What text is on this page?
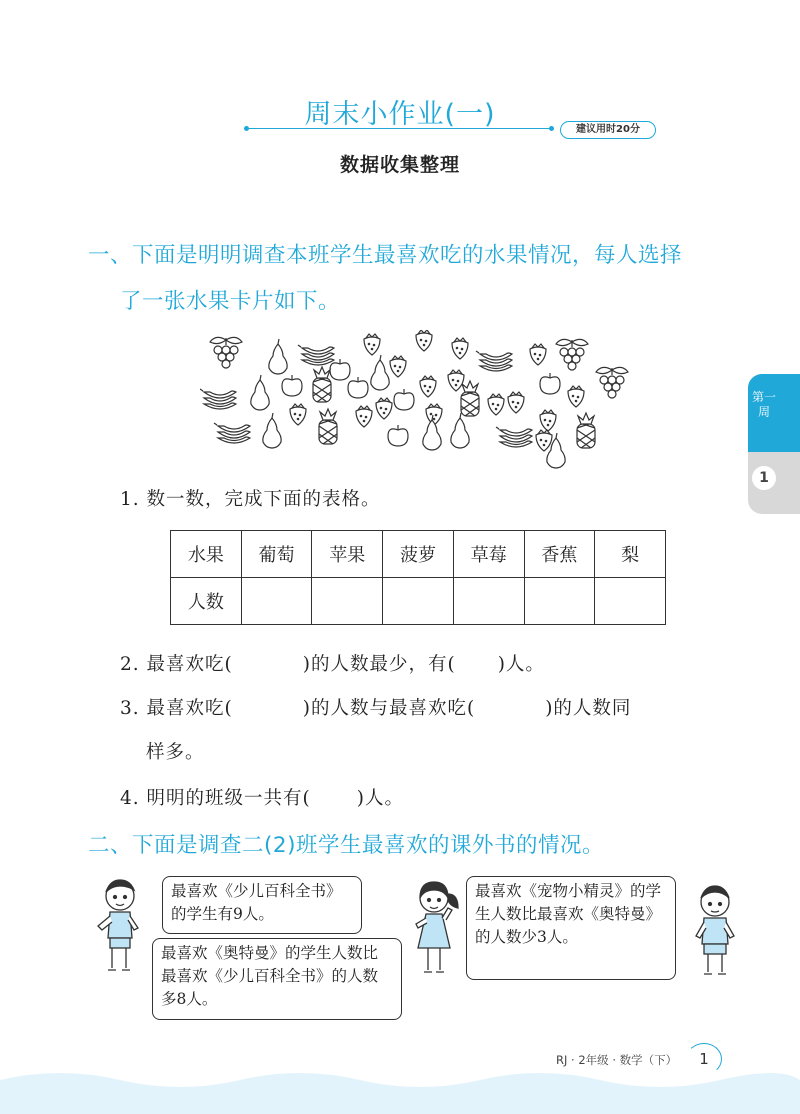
周末小作业(一)	建议用时20分
数据收集整理
一、下面是明明调查本班学生最喜欢吃的水果情况，每人选择
了一张水果卡片如下。
1. 数一数，完成下面的表格。
水果	葡萄	苹果	菠萝	草莓	香蕉	梨
人数						
2. 最喜欢吃(	)的人数最少，有( )人。
3. 最喜欢吃(	)的人数与最喜欢吃(	)的人数同
样多。
4. 明明的班级一共有( )人。
二、下面是调查二(2)班学生最喜欢的课外书的情况。
最喜欢《少儿百科全书》的学生有9人。
最喜欢《奥特曼》的学生人数比最喜欢《少儿百科全书》的人数多8人。
最喜欢《宠物小精灵》的学生人数比最喜欢《奥特曼》的人数少3人。
第一周
1
RJ · 2年级 · 数学（下）	1
